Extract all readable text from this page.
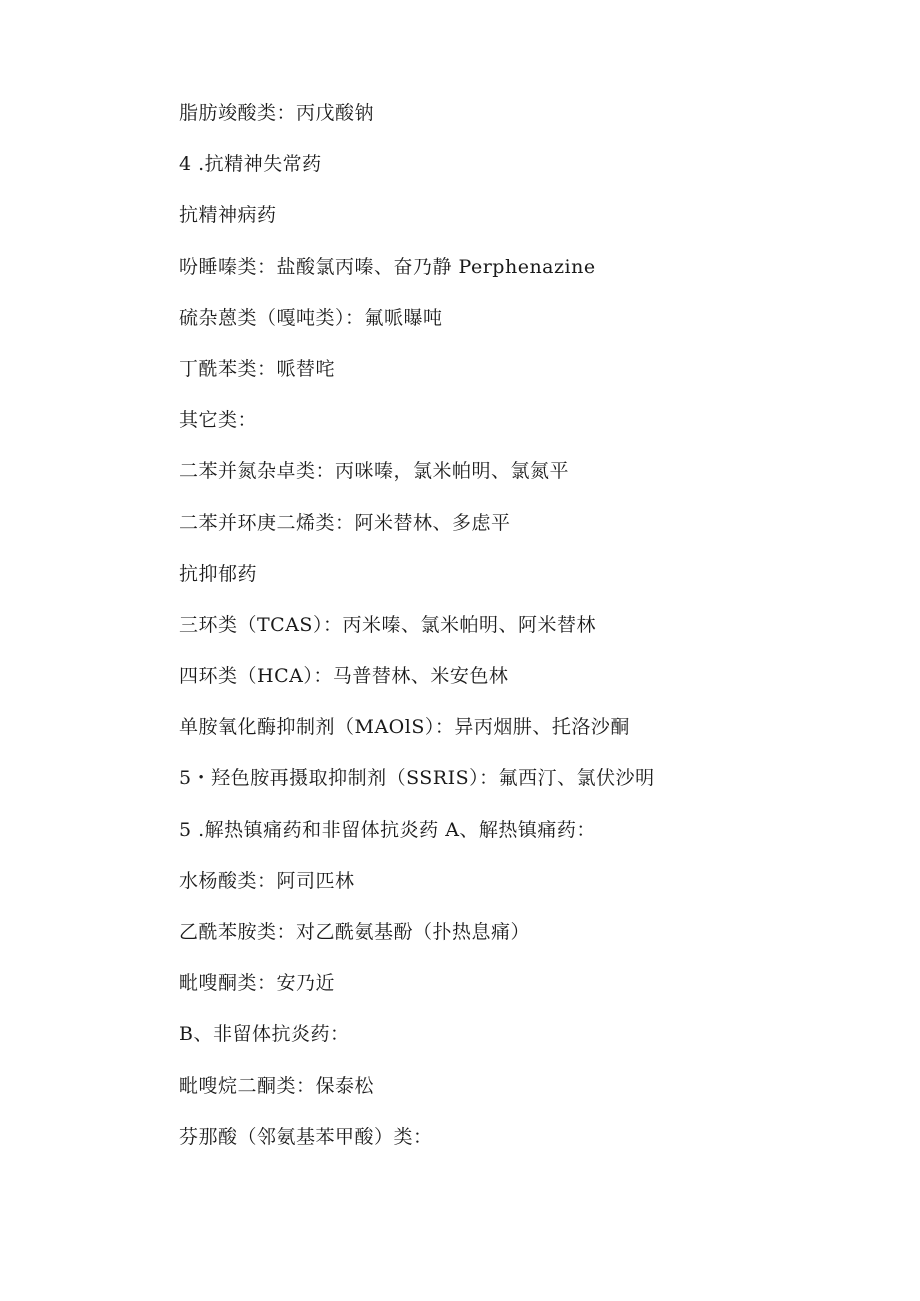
脂肪竣酸类：丙戊酸钠
4 .抗精神失常药
抗精神病药
吩睡嗪类：盐酸氯丙嗪、奋乃静 Perphenazine
硫杂蒽类（嘎吨类）：氟哌曝吨
丁酰苯类：哌替咤
其它类：
二苯并氮杂卓类：丙咪嗪，氯米帕明、氯氮平
二苯并环庚二烯类：阿米替林、多虑平
抗抑郁药
三环类（TCAS）：丙米嗪、氯米帕明、阿米替林
四环类（HCA）：马普替林、米安色林
单胺氧化酶抑制剂（MAOlS）：异丙烟肼、托洛沙酮
5・羟色胺再摄取抑制剂（SSRIS）：氟西汀、氯伏沙明
5 .解热镇痛药和非留体抗炎药 A、解热镇痛药：
水杨酸类：阿司匹林
乙酰苯胺类：对乙酰氨基酚（扑热息痛）
毗嗖酮类：安乃近
B、非留体抗炎药：
毗嗖烷二酮类：保泰松
芬那酸（邻氨基苯甲酸）类：
